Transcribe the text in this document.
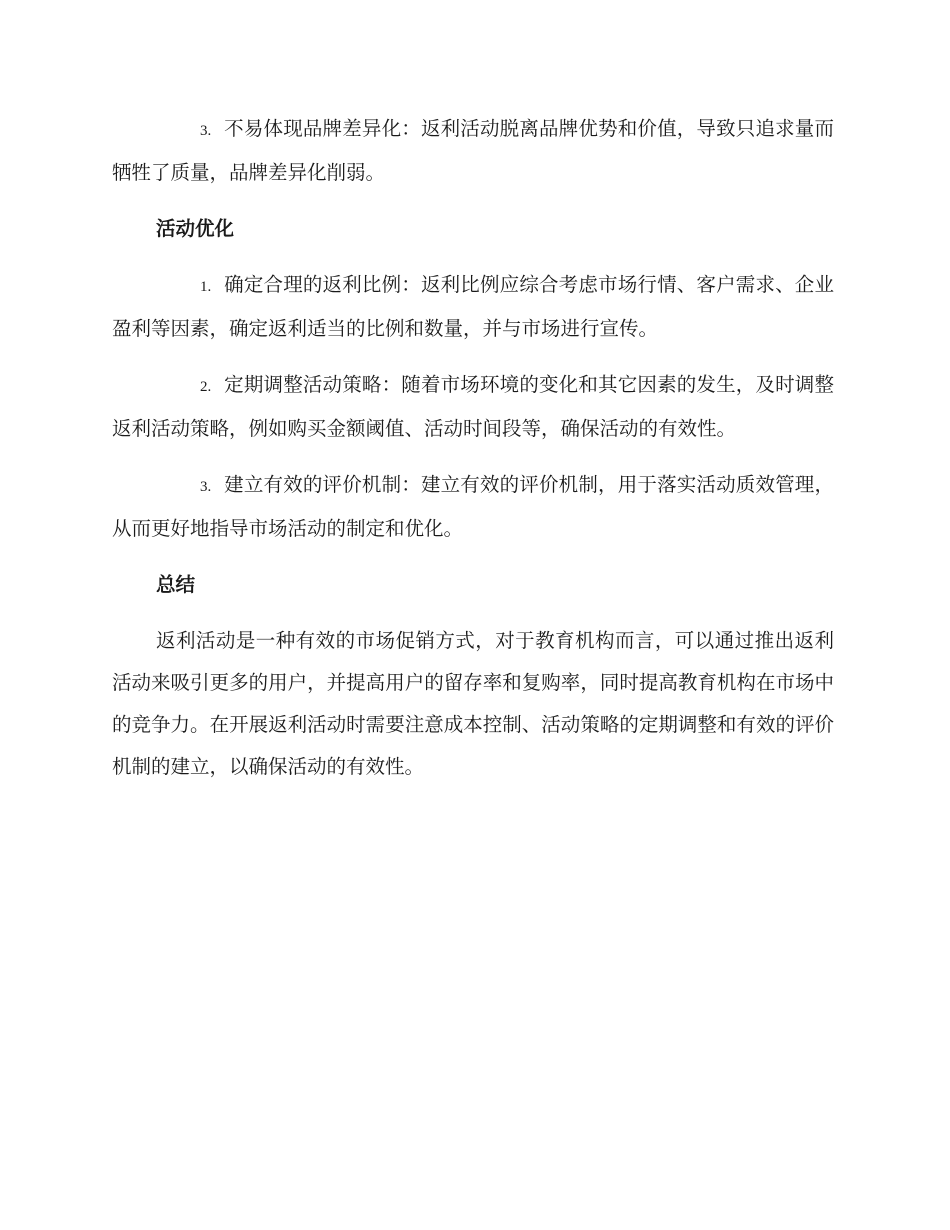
3. 不易体现品牌差异化：返利活动脱离品牌优势和价值，导致只追求量而牺牲了质量，品牌差异化削弱。

活动优化

1. 确定合理的返利比例：返利比例应综合考虑市场行情、客户需求、企业盈利等因素，确定返利适当的比例和数量，并与市场进行宣传。

2. 定期调整活动策略：随着市场环境的变化和其它因素的发生，及时调整返利活动策略，例如购买金额阈值、活动时间段等，确保活动的有效性。

3. 建立有效的评价机制：建立有效的评价机制，用于落实活动质效管理，从而更好地指导市场活动的制定和优化。

总结

返利活动是一种有效的市场促销方式，对于教育机构而言，可以通过推出返利活动来吸引更多的用户，并提高用户的留存率和复购率，同时提高教育机构在市场中的竞争力。在开展返利活动时需要注意成本控制、活动策略的定期调整和有效的评价机制的建立，以确保活动的有效性。
